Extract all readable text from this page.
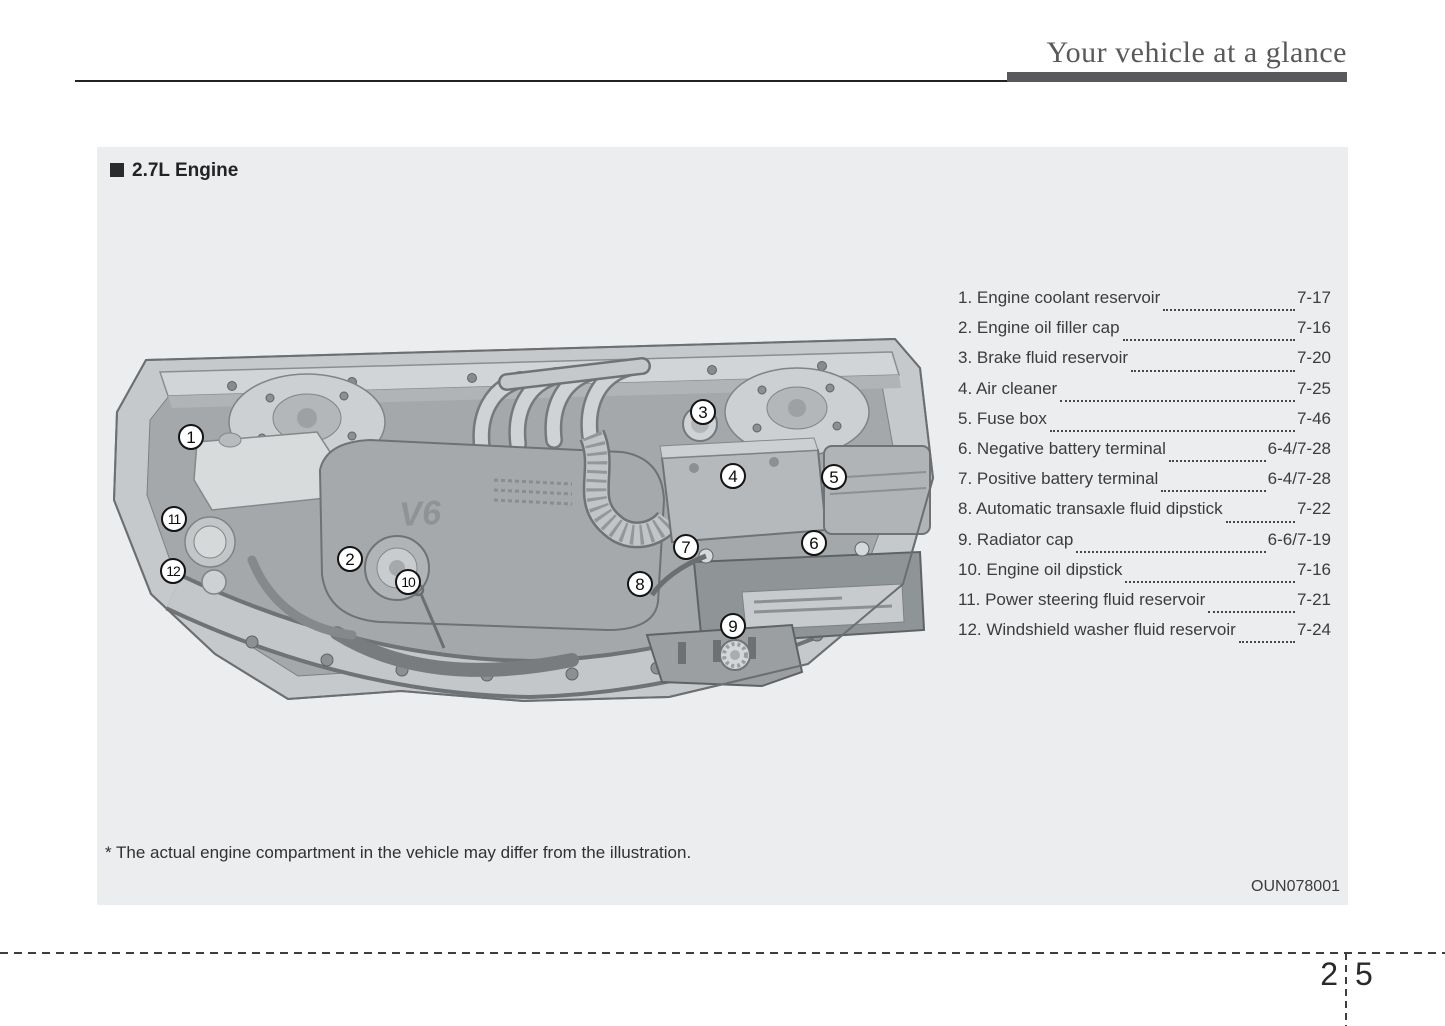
Your vehicle at a glance
2.7L Engine
V6
1
2
3
4	5
6
7
8
9
10
11
12
1. Engine coolant reservoir	7-17
2. Engine oil filler cap	7-16
3. Brake fluid reservoir	7-20
4. Air cleaner	7-25
5. Fuse box	7-46
6. Negative battery terminal	6-4/7-28
7. Positive battery terminal	6-4/7-28
8. Automatic transaxle fluid dipstick	7-22
9. Radiator cap	6-6/7-19
10. Engine oil dipstick	7-16
11. Power steering fluid reservoir	7-21
12. Windshield washer fluid reservoir	7-24

* The actual engine compartment in the vehicle may differ from the illustration.

OUN078001
2 5
